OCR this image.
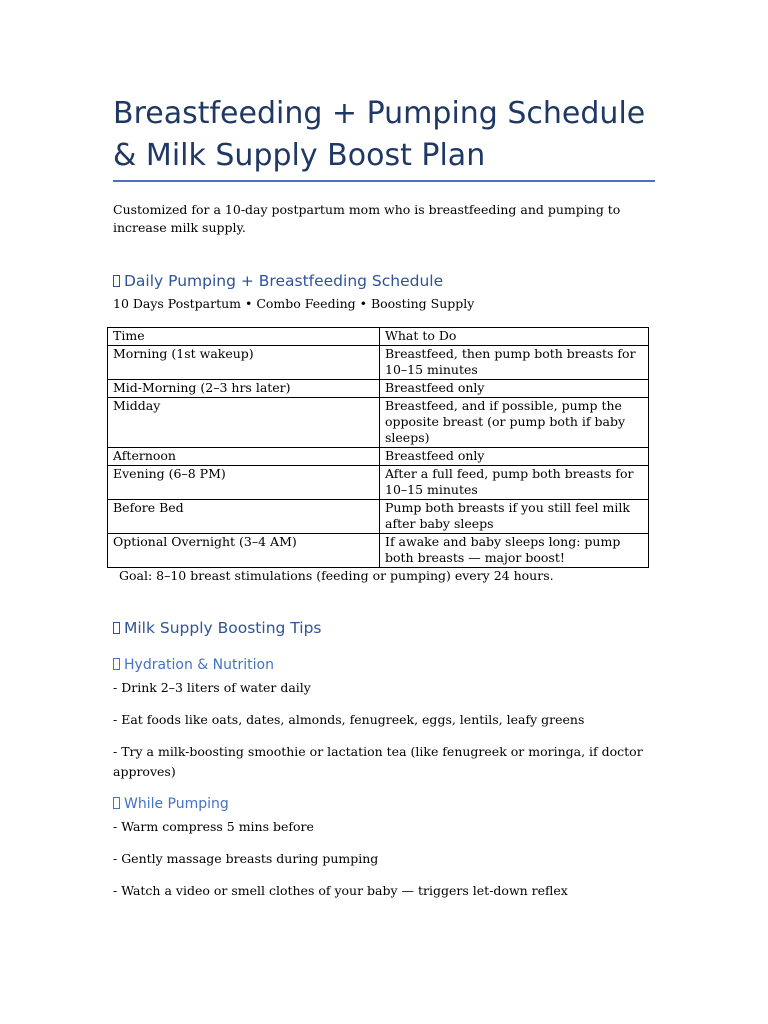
Breastfeeding + Pumping Schedule & Milk Supply Boost Plan

Customized for a 10-day postpartum mom who is breastfeeding and pumping to increase milk supply.

Daily Pumping + Breastfeeding Schedule

10 Days Postpartum • Combo Feeding • Boosting Supply

Time	What to Do
Morning (1st wakeup)	Breastfeed, then pump both breasts for 10–15 minutes
Mid-Morning (2–3 hrs later)	Breastfeed only
Midday	Breastfeed, and if possible, pump the opposite breast (or pump both if baby sleeps)
Afternoon	Breastfeed only
Evening (6–8 PM)	After a full feed, pump both breasts for 10–15 minutes
Before Bed	Pump both breasts if you still feel milk after baby sleeps
Optional Overnight (3–4 AM)	If awake and baby sleeps long: pump both breasts — major boost!

Goal: 8–10 breast stimulations (feeding or pumping) every 24 hours.

Milk Supply Boosting Tips
Hydration & Nutrition

- Drink 2–3 liters of water daily

- Eat foods like oats, dates, almonds, fenugreek, eggs, lentils, leafy greens

- Try a milk-boosting smoothie or lactation tea (like fenugreek or moringa, if doctor approves)

While Pumping

- Warm compress 5 mins before

- Gently massage breasts during pumping

- Watch a video or smell clothes of your baby — triggers let-down reflex
